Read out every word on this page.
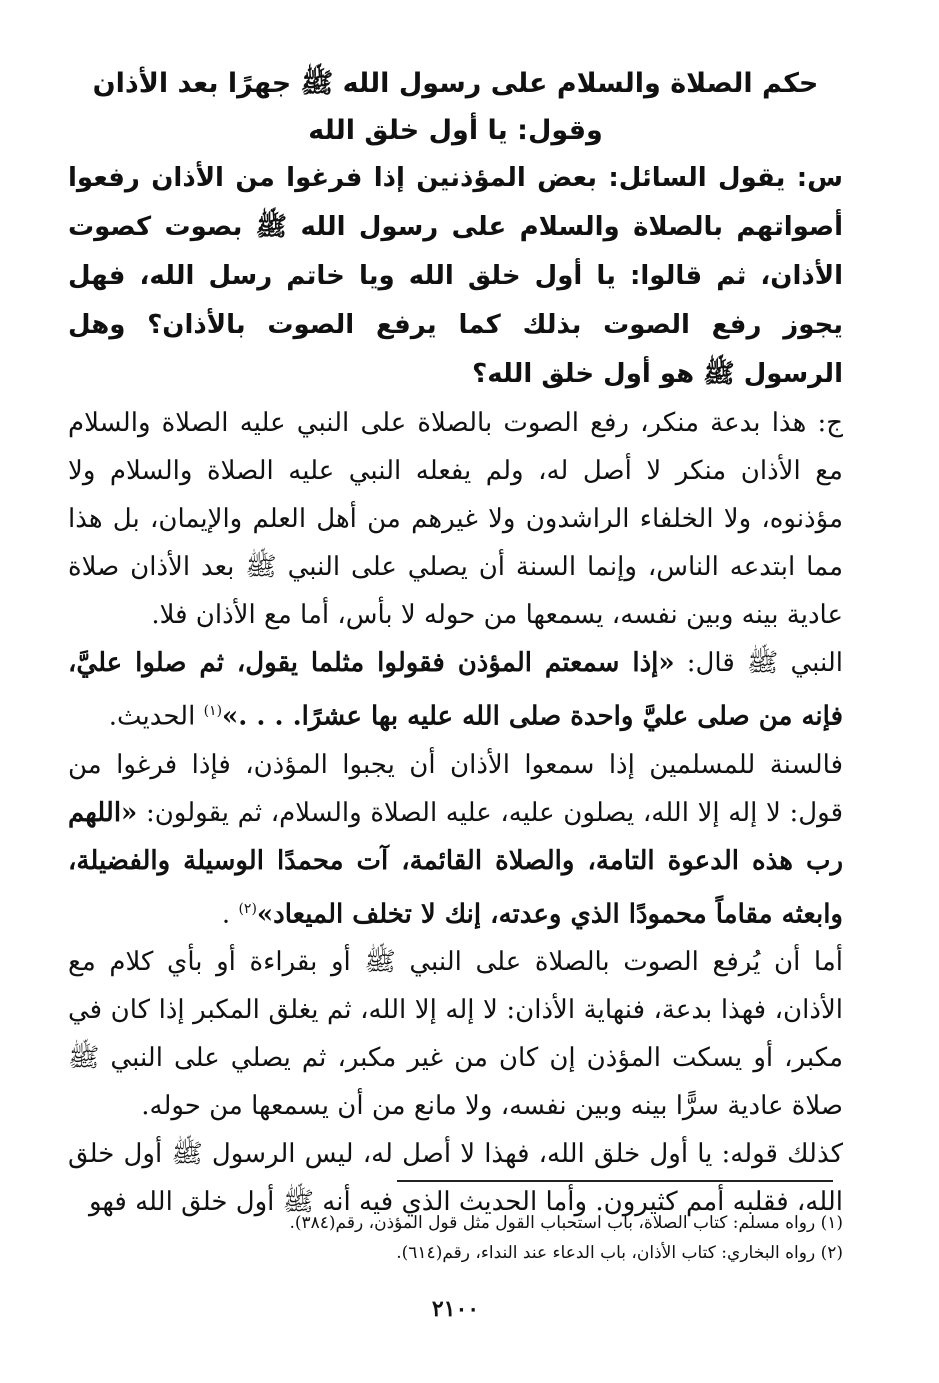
حكم الصلاة والسلام على رسول الله ﷺ جهرًا بعد الأذان
وقول: يا أول خلق الله

س: يقول السائل: بعض المؤذنين إذا فرغوا من الأذان رفعوا أصواتهم بالصلاة والسلام على رسول الله ﷺ بصوت كصوت الأذان، ثم قالوا: يا أول خلق الله ويا خاتم رسل الله، فهل يجوز رفع الصوت بذلك كما يرفع الصوت بالأذان؟ وهل الرسول ﷺ هو أول خلق الله؟

ج: هذا بدعة منكر، رفع الصوت بالصلاة على النبي عليه الصلاة والسلام مع الأذان منكر لا أصل له، ولم يفعله النبي عليه الصلاة والسلام ولا مؤذنوه، ولا الخلفاء الراشدون ولا غيرهم من أهل العلم والإيمان، بل هذا مما ابتدعه الناس، وإنما السنة أن يصلي على النبي ﷺ بعد الأذان صلاة عادية بينه وبين نفسه، يسمعها من حوله لا بأس، أما مع الأذان فلا.

النبي ﷺ قال: «إذا سمعتم المؤذن فقولوا مثلما يقول، ثم صلوا عليَّ، فإنه من صلى عليَّ واحدة صلى الله عليه بها عشرًا. . . .»$^{(١)}$ الحديث.

فالسنة للمسلمين إذا سمعوا الأذان أن يجبوا المؤذن، فإذا فرغوا من قول: لا إله إلا الله، يصلون عليه، عليه الصلاة والسلام، ثم يقولون: «اللهم رب هذه الدعوة التامة، والصلاة القائمة، آت محمدًا الوسيلة والفضيلة، وابعثه مقاماً محمودًا الذي وعدته، إنك لا تخلف الميعاد»$^{(٢)}$ .

أما أن يُرفع الصوت بالصلاة على النبي ﷺ أو بقراءة أو بأي كلام مع الأذان، فهذا بدعة، فنهاية الأذان: لا إله إلا الله، ثم يغلق المكبر إذا كان في مكبر، أو يسكت المؤذن إن كان من غير مكبر، ثم يصلي على النبي ﷺ صلاة عادية سرًّا بينه وبين نفسه، ولا مانع من أن يسمعها من حوله.

كذلك قوله: يا أول خلق الله، فهذا لا أصل له، ليس الرسول ﷺ أول خلق الله، فقلبه أمم كثيرون. وأما الحديث الذي فيه أنه ﷺ أول خلق الله فهو

(١) رواه مسلم: كتاب الصلاة، باب استحباب القول مثل قول المؤذن، رقم(٣٨٤).

(٢) رواه البخاري: كتاب الأذان، باب الدعاء عند النداء، رقم(٦١٤).

٢١٠٠
